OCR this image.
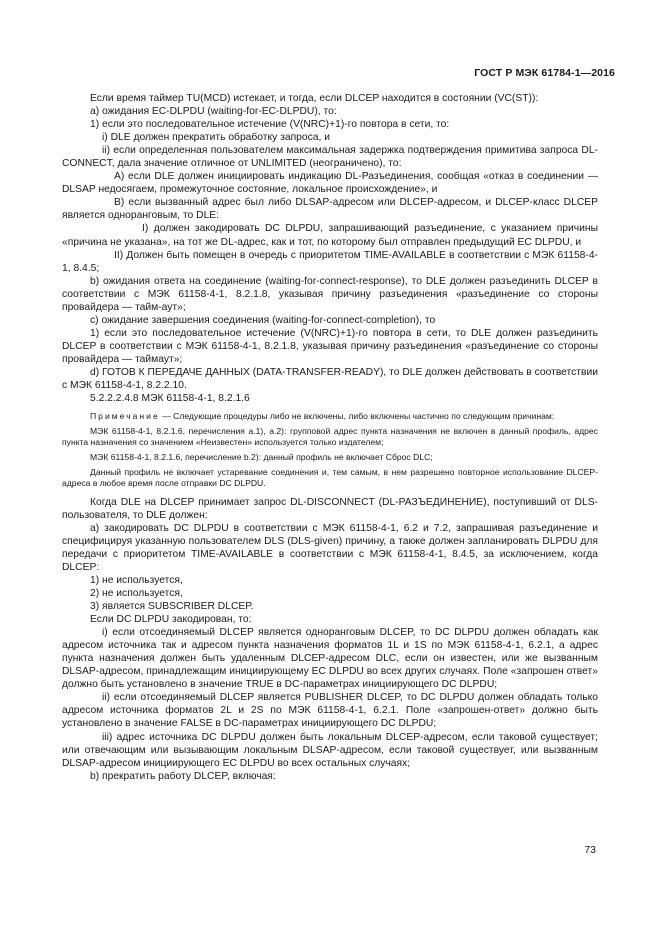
ГОСТ Р МЭК 61784-1—2016

Если время таймер TU(MCD) истекает, и тогда, если DLCEP находится в состоянии (VC(ST)):

а) ожидания EC-DLPDU (waiting-for-EC-DLPDU), то:

1) если это последовательное истечение (V(NRC)+1)-го повтора в сети, то:

i) DLE должен прекратить обработку запроса, и

ii) если определенная пользователем максимальная задержка подтверждения примитива запроса DL-CONNECT, дала значение отличное от UNLIMITED (неограничено), то:

А) если DLE должен инициировать индикацию DL-Разъединения, сообщая «отказ в соединении — DLSAP недосягаем, промежуточное состояние, локальное происхождение», и

B) если вызванный адрес был либо DLSAP-адресом или DLCEP-адресом, и DLCEP-класс DLCEP является одноранговым, то DLE:

I) должен закодировать DC DLPDU, запрашивающий разъединение, с указанием причины «причина не указана», на тот же DL-адрес, как и тот, по которому был отправлен предыдущий EC DLPDU, и

II) Должен быть помещен в очередь с приоритетом TIME-AVAILABLE в соответствии с МЭК 61158-4-1, 8.4.5;

b) ожидания ответа на соединение (waiting-for-connect-response), то DLE должен разъединить DLCEP в соответствии с МЭК 61158-4-1, 8.2.1.8, указывая причину разъединения «разъединение со стороны провайдера — тайм-аут»;

c) ожидание завершения соединения (waiting-for-connect-completion), то

1) если это последовательное истечение (V(NRC)+1)-го повтора в сети, то DLE должен разъединить DLCEP в соответствии с МЭК 61158-4-1, 8.2.1.8, указывая причину разъединения «разъединение со стороны провайдера — таймаут»;

d) ГОТОВ К ПЕРЕДАЧЕ ДАННЫХ (DATA-TRANSFER-READY), то DLE должен действовать в соответствии с МЭК 61158-4-1, 8.2.2.10.

5.2.2.2.4.8 МЭК 61158-4-1, 8.2.1.6

Примечание — Следующие процедуры либо не включены, либо включены частично по следующим причинам:

МЭК 61158-4-1, 8.2.1.6, перечисления а.1), а.2): групповой адрес пункта назначения не включен в данный профиль, адрес пункта назначения со значением «Неизвестен» используется только издателем;

МЭК 61158-4-1, 8.2.1.6, перечисление b.2): данный профиль не включает Сброс DLC;

Данный профиль не включает устаревание соединения и, тем самым, в нем разрешено повторное использование DLCEP-адреса в любое время после отправки DC DLPDU.

Когда DLE на DLCEP принимает запрос DL-DISCONNECT (DL-РАЗЪЕДИНЕНИЕ), поступивший от DLS-пользователя, то DLE должен:

а) закодировать DC DLPDU в соответствии с МЭК 61158-4-1, 6.2 и 7.2, запрашивая разъединение и специфицируя указанную пользователем DLS (DLS-given) причину, а также должен запланировать DLPDU для передачи с приоритетом TIME-AVAILABLE в соответствии с МЭК 61158-4-1, 8.4.5, за исключением, когда DLCEP:

1) не используется,

2) не используется,

3) является SUBSCRIBER DLCEP.

Если DC DLPDU закодирован, то:

i) если отсоединяемый DLCEP является одноранговым DLCEP, то DC DLPDU должен обладать как адресом источника так и адресом пункта назначения форматов 1L и 1S по МЭК 61158-4-1, 6.2.1, а адрес пункта назначения должен быть удаленным DLCEP-адресом DLC, если он известен, или же вызванным DLSAP-адресом, принадлежащим инициирующему EC DLPDU во всех других случаях. Поле «запрошен ответ» должно быть установлено в значение TRUE в DC-параметрах инициирующего DC DLPDU;

ii) если отсоединяемый DLCEP является PUBLISHER DLCEP, то DC DLPDU должен обладать только адресом источника форматов 2L и 2S по МЭК 61158-4-1, 6.2.1. Поле «запрошен-ответ» должно быть установлено в значение FALSE в DC-параметрах инициирующего DC DLPDU;

iii) адрес источника DC DLPDU должен быть локальным DLCEP-адресом, если таковой существует; или отвечающим или вызывающим локальным DLSAP-адресом, если таковой существует, или вызванным DLSAP-адресом инициирующего EC DLPDU во всех остальных случаях;

b) прекратить работу DLCEP, включая:

73
